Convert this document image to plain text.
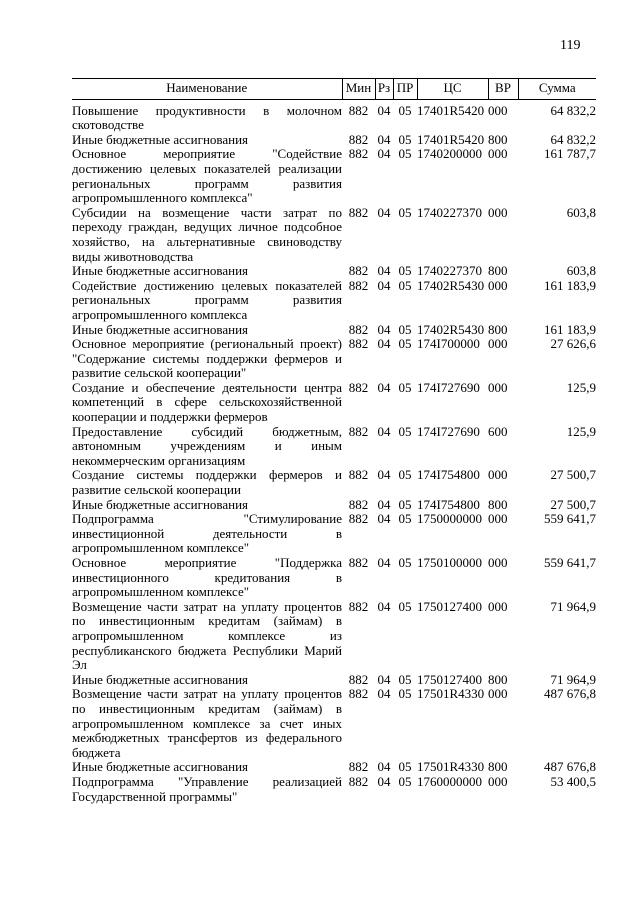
119
Наименование	Мин	Рз	ПР	ЦС	ВР	Сумма

Повышение продуктивности в молочном скотоводстве	882	04	05	17401R5420	000	64 832,2
Иные бюджетные ассигнования	882	04	05	17401R5420	800	64 832,2
Основное мероприятие "Содействие достижению целевых показателей реализации региональных программ развития агропромышленного комплекса"	882	04	05	1740200000	000	161 787,7
Субсидии на возмещение части затрат по переходу граждан, ведущих личное подсобное хозяйство, на альтернативные свиноводству виды животноводства	882	04	05	1740227370	000	603,8
Иные бюджетные ассигнования	882	04	05	1740227370	800	603,8
Содействие достижению целевых показателей региональных программ развития агропромышленного комплекса	882	04	05	17402R5430	000	161 183,9
Иные бюджетные ассигнования	882	04	05	17402R5430	800	161 183,9
Основное мероприятие (региональный проект) "Содержание системы поддержки фермеров и развитие сельской кооперации"	882	04	05	174I700000	000	27 626,6
Создание и обеспечение деятельности центра компетенций в сфере сельскохозяйственной кооперации и поддержки фермеров	882	04	05	174I727690	000	125,9
Предоставление субсидий бюджетным, автономным учреждениям и иным некоммерческим организациям	882	04	05	174I727690	600	125,9
Создание системы поддержки фермеров и развитие сельской кооперации	882	04	05	174I754800	000	27 500,7
Иные бюджетные ассигнования	882	04	05	174I754800	800	27 500,7
Подпрограмма "Стимулирование инвестиционной деятельности в агропромышленном комплексе"	882	04	05	1750000000	000	559 641,7
Основное мероприятие "Поддержка инвестиционного кредитования в агропромышленном комплексе"	882	04	05	1750100000	000	559 641,7
Возмещение части затрат на уплату процентов по инвестиционным кредитам (займам) в агропромышленном комплексе из республиканского бюджета Республики Марий Эл	882	04	05	1750127400	000	71 964,9
Иные бюджетные ассигнования	882	04	05	1750127400	800	71 964,9
Возмещение части затрат на уплату процентов по инвестиционным кредитам (займам) в агропромышленном комплексе за счет иных межбюджетных трансфертов из федерального бюджета	882	04	05	17501R4330	000	487 676,8
Иные бюджетные ассигнования	882	04	05	17501R4330	800	487 676,8
Подпрограмма "Управление реализацией Государственной программы"	882	04	05	1760000000	000	53 400,5
